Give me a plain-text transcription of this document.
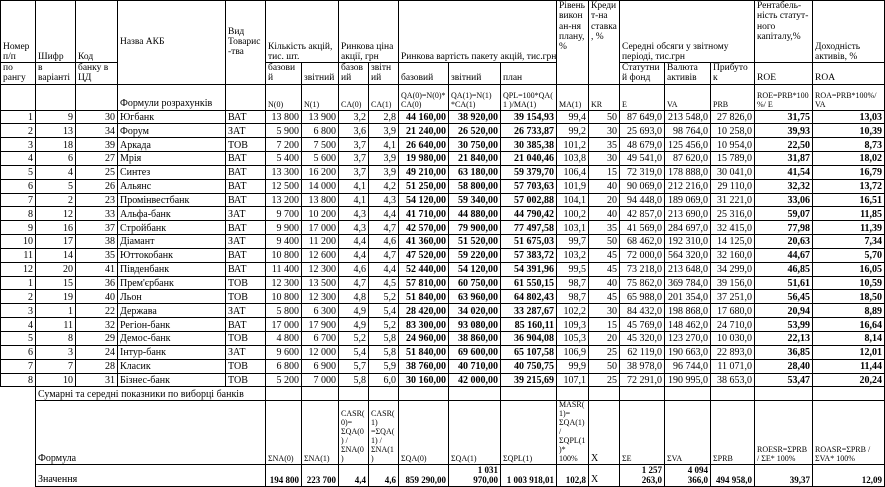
Номер п/п	Шифр	Код	Назва АКБ	Вид Товарис-тва	Кількість акцій, тис. шт.		Ринкова ціна акції, грн		Ринкова вартість пакету акцій, тис.грн			Рівень виконан-ня плану, %	Кредит-на ставка, %	Середні обсяги у звітному періоді, тис.грн			Рентабель-ність статут-ного капіталу,%	Доходність активів, %
по рангу	в варіанті	банку в ЦД			базовий	звітний	базовий	звітний	базовий	звітний	план			Статутний фонд	Валюта активів	Прибуток	ROE	ROA
			Формули розрахунків		N(0)	N(1)	CA(0)	CA(1)	QA(0)=N(0)* CA(0)	QA(1)=N(1) *CA(1)	QPL=100*QA(1 )/MA(1)	MA(1)	KR	E	VA	PRB	ROE=PRB*100%/ E	ROA=PRB*100%/ VA
1	9	30	Югбанк	ВАТ	13 800	13 900	3,2	2,8	44 160,00	38 920,00	39 154,93	99,4	50	87 649,0	213 548,0	27 826,0	31,75	13,03
2	13	34	Форум	ЗАТ	5 900	6 800	3,6	3,9	21 240,00	26 520,00	26 733,87	99,2	30	25 693,0	98 764,0	10 258,0	39,93	10,39
3	18	39	Аркада	ТОВ	7 200	7 500	3,7	4,1	26 640,00	30 750,00	30 385,38	101,2	35	48 679,0	125 456,0	10 954,0	22,50	8,73
4	6	27	Мрія	ВАТ	5 400	5 600	3,7	3,9	19 980,00	21 840,00	21 040,46	103,8	30	49 541,0	87 620,0	15 789,0	31,87	18,02
5	4	25	Синтез	ВАТ	13 300	16 200	3,7	3,9	49 210,00	63 180,00	59 379,70	106,4	15	72 319,0	178 888,0	30 041,0	41,54	16,79
6	5	26	Альянс	ВАТ	12 500	14 000	4,1	4,2	51 250,00	58 800,00	57 703,63	101,9	40	90 069,0	212 216,0	29 110,0	32,32	13,72
7	2	23	Промінвестбанк	ВАТ	13 200	13 800	4,1	4,3	54 120,00	59 340,00	57 002,88	104,1	20	94 448,0	189 069,0	31 221,0	33,06	16,51
8	12	33	Альфа-банк	ЗАТ	9 700	10 200	4,3	4,4	41 710,00	44 880,00	44 790,42	100,2	40	42 857,0	213 690,0	25 316,0	59,07	11,85
9	16	37	Стройбанк	ВАТ	9 900	17 000	4,3	4,7	42 570,00	79 900,00	77 497,58	103,1	35	41 569,0	284 697,0	32 415,0	77,98	11,39
10	17	38	Діамант	ЗАТ	9 400	11 200	4,4	4,6	41 360,00	51 520,00	51 675,03	99,7	50	68 462,0	192 310,0	14 125,0	20,63	7,34
11	14	35	Юттокобанк	ВАТ	10 800	12 600	4,4	4,7	47 520,00	59 220,00	57 383,72	103,2	45	72 000,0	564 320,0	32 160,0	44,67	5,70
12	20	41	Південбанк	ВАТ	11 400	12 300	4,6	4,4	52 440,00	54 120,00	54 391,96	99,5	45	73 218,0	213 648,0	34 299,0	46,85	16,05
1	15	36	Прем'єрбанк	ТОВ	12 300	13 500	4,7	4,5	57 810,00	60 750,00	61 550,15	98,7	40	75 862,0	369 784,0	39 156,0	51,61	10,59
2	19	40	Льон	ТОВ	10 800	12 300	4,8	5,2	51 840,00	63 960,00	64 802,43	98,7	45	65 988,0	201 354,0	37 251,0	56,45	18,50
3	1	22	Держава	ЗАТ	5 800	6 300	4,9	5,4	28 420,00	34 020,00	33 287,67	102,2	30	84 432,0	198 868,0	17 680,0	20,94	8,89
4	11	32	Регіон-банк	ВАТ	17 000	17 900	4,9	5,2	83 300,00	93 080,00	85 160,11	109,3	15	45 769,0	148 462,0	24 710,0	53,99	16,64
5	8	29	Демос-банк	ТОВ	4 800	6 700	5,2	5,8	24 960,00	38 860,00	36 904,08	105,3	20	45 320,0	123 270,0	10 030,0	22,13	8,14
6	3	24	Інтур-банк	ЗАТ	9 600	12 000	5,4	5,8	51 840,00	69 600,00	65 107,58	106,9	25	62 119,0	190 663,0	22 893,0	36,85	12,01
7	7	28	Класик	ТОВ	6 800	6 900	5,7	5,9	38 760,00	40 710,00	40 750,75	99,9	50	38 978,0	96 744,0	11 071,0	28,40	11,44
8	10	31	Бізнес-банк	ТОВ	5 200	7 000	5,8	6,0	30 160,00	42 000,00	39 215,69	107,1	25	72 291,0	190 995,0	38 653,0	53,47	20,24
	Сумарні та середні показники по виборці банків																	
	Формула				ΣNA(0)	ΣNA(1)	CASR(0)= ΣQA(0) / ΣNA(0)	CASR(1) =ΣQA(1) / ΣNA(1)	ΣQA(0)	ΣQA(1)	ΣQPL(1)	MASR(1)= ΣQA(1) / ΣQPL(1)* 100%	X	ΣE	ΣVA	ΣPRB	ROESR=ΣPRB / ΣE* 100%	ROASR=ΣPRB / ΣVA* 100%
	Значення				194 800	223 700	4,4	4,6	859 290,00	1 031 970,00	1 003 918,01	102,8	X	1 257 263,0	4 094 366,0	494 958,0	39,37	12,09
